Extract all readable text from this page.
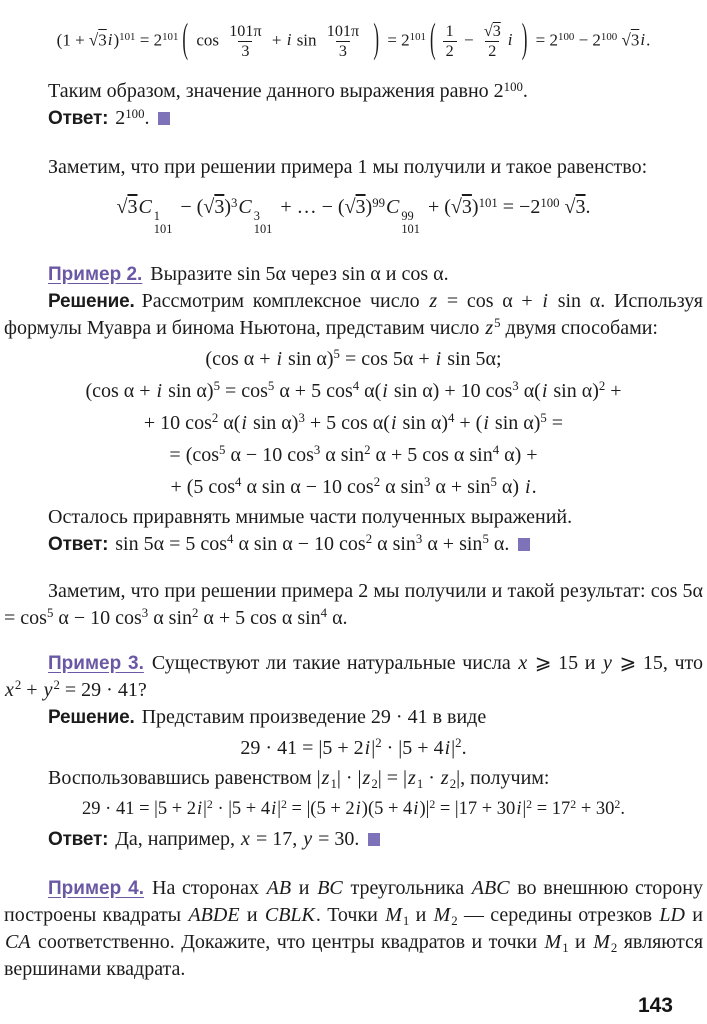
$(1 + √3i)^{101} = 2^{101}$ ( $\cos \frac{101\pi}{3} + i$ $\sin \frac{101\pi}{3}$ ) = $2^{101}$ ( $\frac{1}{2} - \frac{√3}{2}$ i ) = $2^{100} - 2^{100}$ √3i.

Таким образом, значение данного выражения равно $2^{100}$.

Ответ: $2^{100}$.

Заметим, что при решении примера 1 мы получили и такое равенство:

√3C 1
101
− $(√3)^3C$ 3
101
+ … − $(√3)^{99}C$ 99
101
+ $(√3)^{101} = -2^{100}$ √3.

Пример 2. Выразите sin 5α через sin α и cos α.

Решение. Рассмотрим комплексное число z = cos α + i sin α. Используя формулы Муавра и бинома Ньютона, представим число $z^5$ двумя способами:

(cos α + i sin α)$^5$ = cos 5α + i sin 5α;
(cos α + i $\sin \alpha)^5 = \cos^5 \alpha + 5$ $\cos^4 \alpha(i$ sin α) + 10 $\cos^3 \alpha(i$ sin α)$^2$ +
+ 10 $\cos^2 \alpha(i$ sin α)$^3$ + 5 cos α(i sin α)$^4$ + (i sin α)$^5$ =
= ($\cos^5$ α − 10 $\cos^3 \alpha$ $\sin^2 \alpha + 5$ cos α $\sin^4 \alpha$) +
+ (5 $\cos^4 \alpha$ sin α − 10 $\cos^2 \alpha$ $\sin^3 \alpha + \sin^5 \alpha$) i.

Осталось приравнять мнимые части полученных выражений.

Ответ: sin 5α = 5 $\cos^4 \alpha$ sin α − 10 $\cos^2 \alpha$ $\sin^3 \alpha + \sin^5 \alpha$.

Заметим, что при решении примера 2 мы получили и такой результат: $\cos 5\alpha = \cos^5 \alpha - 10$ $\cos^3 \alpha$ $\sin^2 \alpha + 5$ cos α $\sin^4 \alpha$.

Пример 3. Существуют ли такие натуральные числа x ⩾ 15 и y ⩾ 15, что $x^2 + y^2 = 29 \cdot 41$?

Решение. Представим произведение 29 · 41 в виде

$29 \cdot 41 = |5 + 2i|^2 \cdot |5 + 4i|^2$.

Воспользовавшись равенством $|z_1| \cdot |z_2| = |z_1 \cdot z_2|$, получим:

$29 \cdot 41 = |5 + 2i|^2 \cdot |5 + 4i|^2 = |(5 + 2i)(5 + 4i)|^2 = |17 + 30i|^2 = 17^2 + 30^2$.

Ответ: Да, например, x = 17, y = 30.

Пример 4. На сторонах AB и BC треугольника ABC во внешнюю сторону построены квадраты ABDE и CBLK. Точки $M_1$ и $M_2$ — середины отрезков LD и CA соответственно. Докажите, что центры квадратов и точки $M_1$ и $M_2$ являются вершинами квадрата.

143
